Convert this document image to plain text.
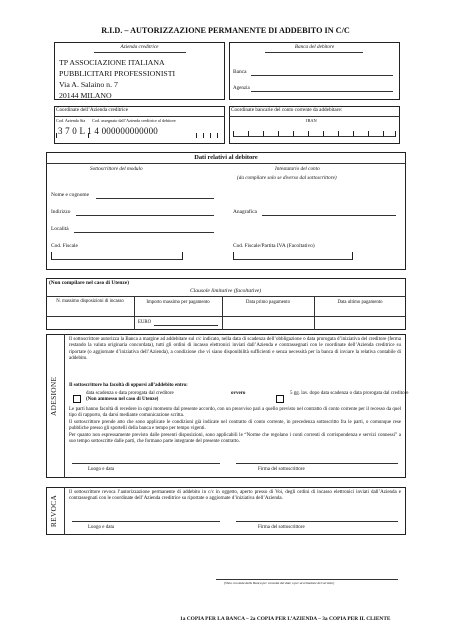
R.I.D. – AUTORIZZAZIONE PERMANENTE DI ADDEBITO IN C/C
Azienda creditrice
TP ASSOCIAZIONE ITALIANA
PUBBLICITARI PROFESSIONISTI
Via A. Salaino n. 7
20144 MILANO
Banca del debitore
Banca
Agenzia
Coordinate dell’Azienda creditrice
Cod. Azienda Sia Cod. assegnato dall’Azienda creditrice al debitore
3 7 0 L 1 4 000000000000
Coordinate bancarie del conto corrente da addebitare:
IBAN
Dati relativi al debitore
Sottoscrittore del modulo	Intestatario del conto
(da compilare solo se diverso dal sottoscrittore)
Nome e cognome
Indirizzo
Località
Cod. Fiscale
Anagrafica
Cod. Fiscale/Partita IVA (Facoltativo)
(Non compilare nel caso di Utenze)
Clausole limitative (facoltative)
N. massimo disposizioni di incasso	Importo massimo per pagamento	Data primo pagamento	Data ultimo pagamento
EURO
ADESIONE
Il sottoscrittore autorizza la Banca a margine ad addebitare sul c/c indicato, nella data di scadenza dell’obbligazione o data prorogata d’iniziativa del creditore (ferma restando la valuta originaria concordata), tutti gli ordini di incasso elettronici inviati dall’Azienda e contrassegnati con le coordinate dell’Azienda creditrice su riportate (o aggiornate d’iniziativa dell’Azienda), a condizione che vi siano disponibilità sufficienti e senza necessità per la banca di inviare la relativa contabile di addebito.
Il sottoscrittore ha facoltà di opporsi all’addebito entro:
data scadenza o data prorogata dal creditore	ovvero	5 gg. lav. dopo data scadenza o data prorogata dal creditore
(Non ammesso nel caso di Utenze)
Le parti hanno facoltà di recedere in ogni momento dal presente accordo, con un preavviso pari a quello previsto nel contratto di conto corrente per il recesso da quel tipo di rapporto, da darsi mediante comunicazione scritta.
Il sottoscrittore prende atto che sono applicate le condizioni già indicate nel contratto di conto corrente, in precedenza sottoscritto fra le parti, o comunque rese pubbliche presso gli sportelli della banca e tempo per tempo vigenti.
Per quanto non espressamente previsto dalle presenti disposizioni, sono applicabili le “Norme che regolano i conti correnti di corrispondenza e servizi connessi” a suo tempo sottoscritte dalle parti, che formano parte integrante del presente contratto.
Luogo e data	Firma del sottoscrittore
REVOCA
Il sottoscrittore revoca l’autorizzazione permanente di addebito in c/c in oggetto, aperto presso di Voi, degli ordini di incasso elettronici inviati dall’Azienda e contrassegnati con le coordinate dell’Azienda creditrice su riportate o aggiornate d’iniziativa dell’Azienda.
Luogo e data	Firma del sottoscrittore
(Visto con data della Banca per consulta del date o per accettazione del servizio)
1a COPIA PER LA BANCA – 2a COPIA PER L’AZIENDA – 3a COPIA PER IL CLIENTE
